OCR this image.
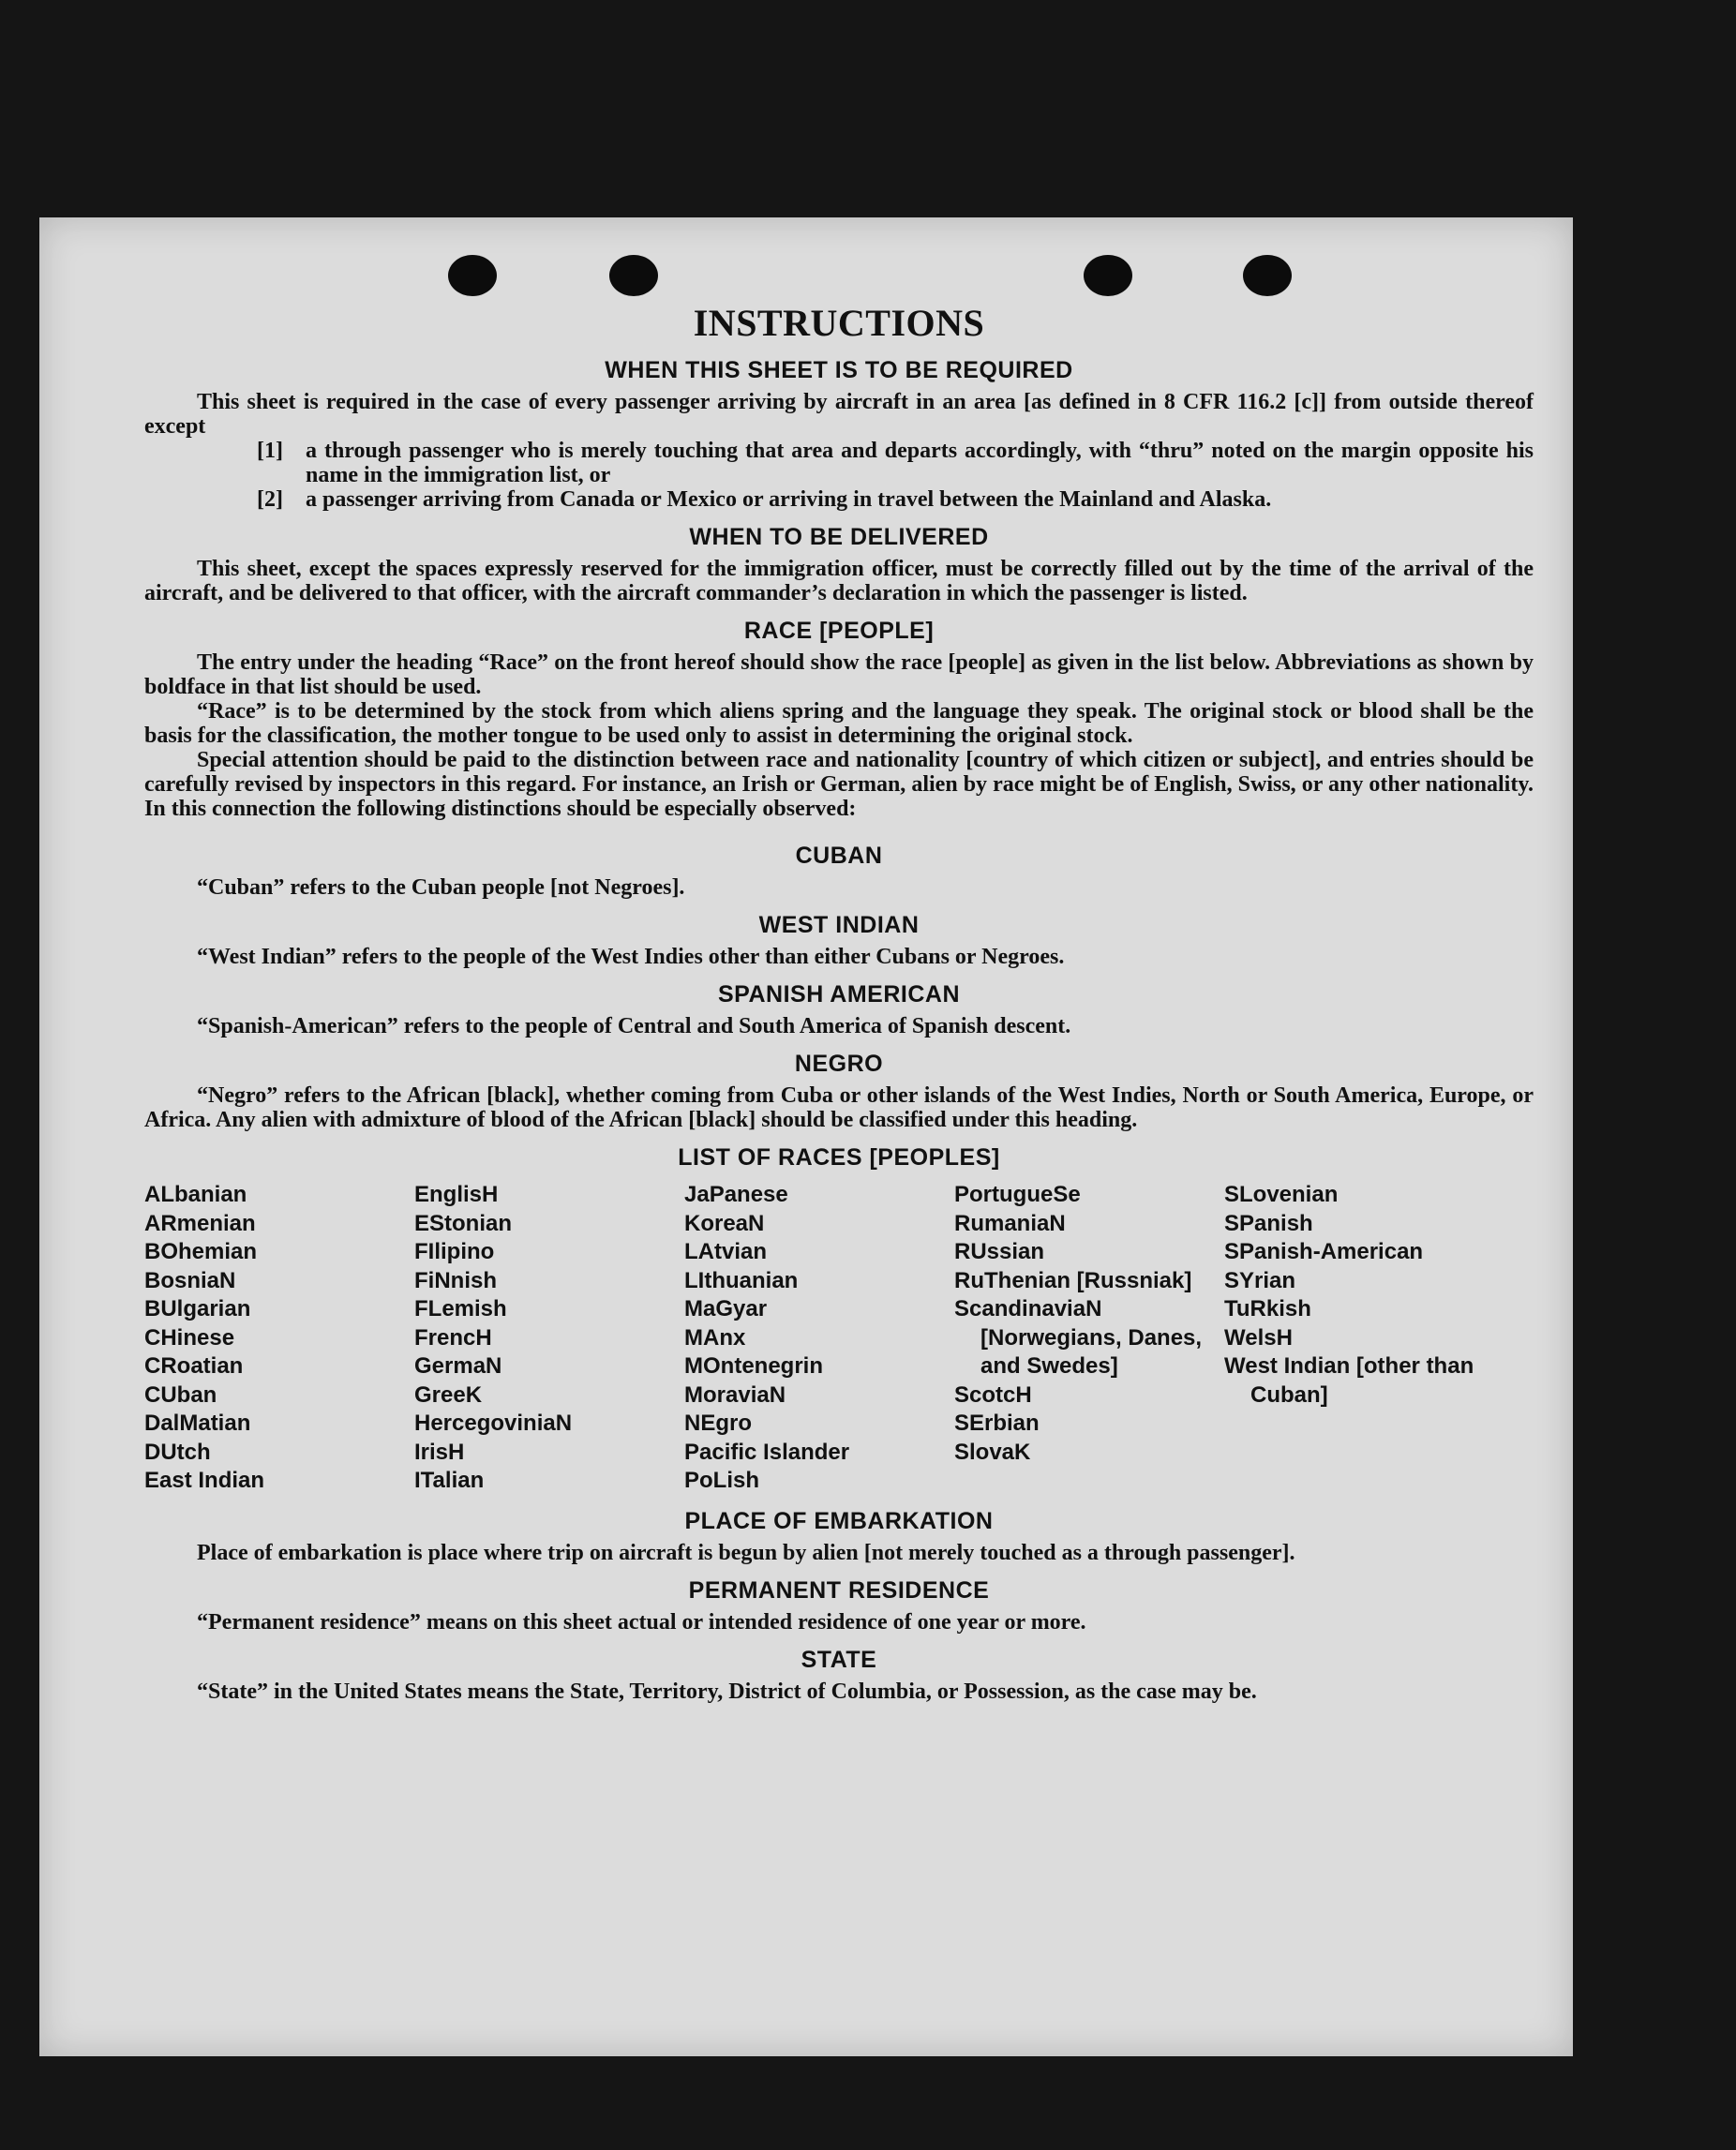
INSTRUCTIONS
WHEN THIS SHEET IS TO BE REQUIRED

This sheet is required in the case of every passenger arriving by aircraft in an area [as defined in 8 CFR 116.2 [c]] from outside thereof except

[1]	a through passenger who is merely touching that area and departs accordingly, with “thru” noted on the margin opposite his name in the immigration list, or
[2]	a passenger arriving from Canada or Mexico or arriving in travel between the Mainland and Alaska.
WHEN TO BE DELIVERED

This sheet, except the spaces expressly reserved for the immigration officer, must be correctly filled out by the time of the arrival of the aircraft, and be delivered to that officer, with the aircraft commander’s declaration in which the passenger is listed.

RACE [PEOPLE]

The entry under the heading “Race” on the front hereof should show the race [people] as given in the list below. Abbreviations as shown by boldface in that list should be used.

“Race” is to be determined by the stock from which aliens spring and the language they speak. The original stock or blood shall be the basis for the classification, the mother tongue to be used only to assist in determining the original stock.

Special attention should be paid to the distinction between race and nationality [country of which citizen or subject], and entries should be carefully revised by inspectors in this regard. For instance, an Irish or German, alien by race might be of English, Swiss, or any other nationality. In this connection the following distinctions should be especially observed:

CUBAN

“Cuban” refers to the Cuban people [not Negroes].

WEST INDIAN

“West Indian” refers to the people of the West Indies other than either Cubans or Negroes.

SPANISH AMERICAN

“Spanish-American” refers to the people of Central and South America of Spanish descent.

NEGRO

“Negro” refers to the African [black], whether coming from Cuba or other islands of the West Indies, North or South America, Europe, or Africa. Any alien with admixture of blood of the African [black] should be classified under this heading.

LIST OF RACES [PEOPLES]
ALbanian
ARmenian
BOhemian
BosniaN
BUlgarian
CHinese
CRoatian
CUban
DalMatian
DUtch
East Indian
EnglisH
EStonian
FIlipino
FiNnish
FLemish
FrencH
GermaN
GreeK
HercegoviniaN
IrisH
ITalian
JaPanese
KoreaN
LAtvian
LIthuanian
MaGyar
MAnx
MOntenegrin
MoraviaN
NEgro
Pacific Islander
PoLish
PortugueSe
RumaniaN
RUssian
RuThenian [Russniak]
ScandinaviaN [Norwegians, Danes, and Swedes]
ScotcH
SErbian
SlovaK
SLovenian
SPanish
SPanish-American
SYrian
TuRkish
WelsH
West Indian [other than Cuban]
PLACE OF EMBARKATION

Place of embarkation is place where trip on aircraft is begun by alien [not merely touched as a through passenger].

PERMANENT RESIDENCE

“Permanent residence” means on this sheet actual or intended residence of one year or more.

STATE

“State” in the United States means the State, Territory, District of Columbia, or Possession, as the case may be.
